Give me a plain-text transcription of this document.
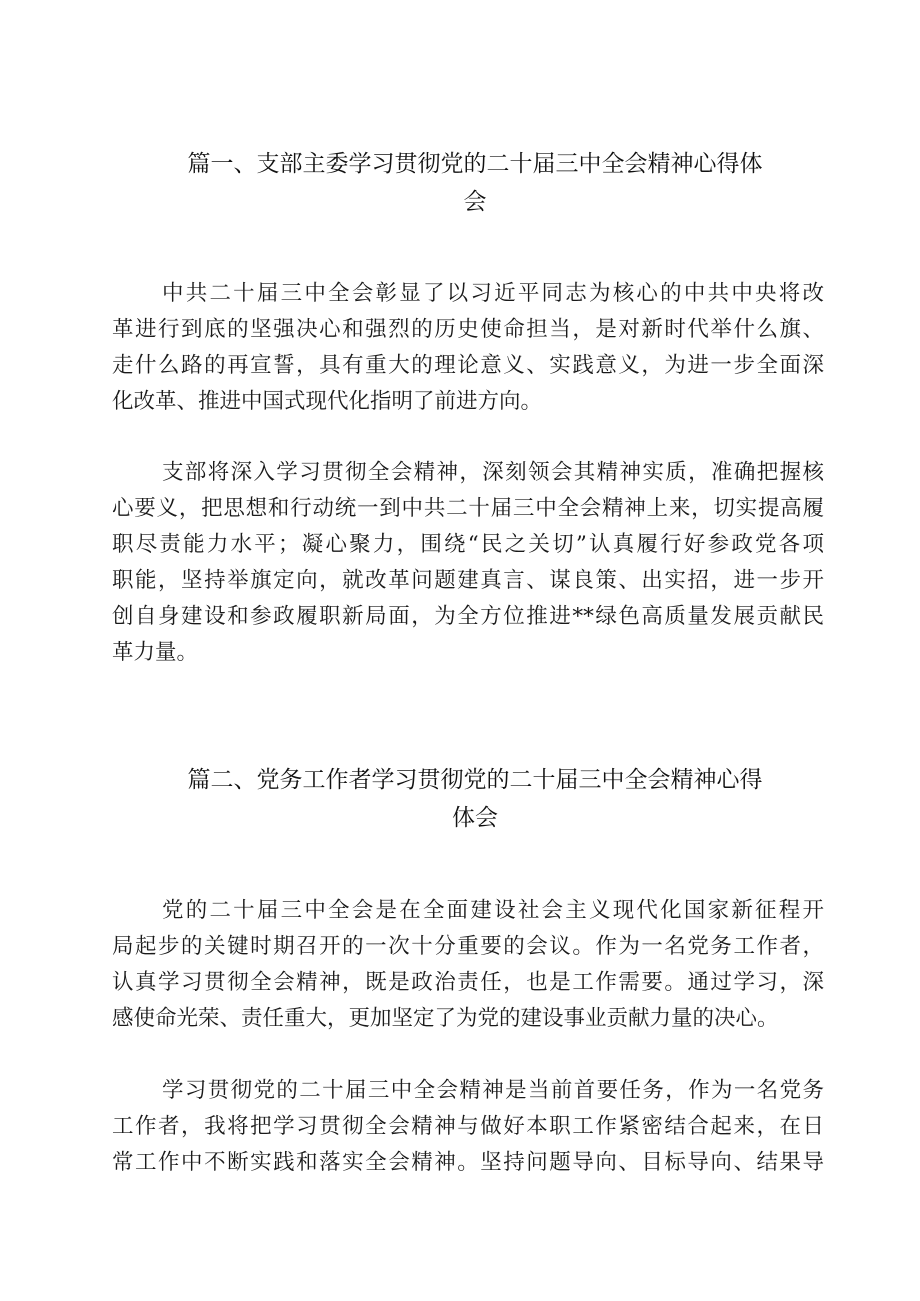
篇一、支部主委学习贯彻党的二十届三中全会精神心得体
会
中共二十届三中全会彰显了以习近平同志为核心的中共中央将改
革进行到底的坚强决心和强烈的历史使命担当，是对新时代举什么旗、
走什么路的再宣誓，具有重大的理论意义、实践意义，为进一步全面深
化改革、推进中国式现代化指明了前进方向。
支部将深入学习贯彻全会精神，深刻领会其精神实质，准确把握核
心要义，把思想和行动统一到中共二十届三中全会精神上来，切实提高履
职尽责能力水平；凝心聚力，围绕“民之关切”认真履行好参政党各项
职能，坚持举旗定向，就改革问题建真言、谋良策、出实招，进一步开
创自身建设和参政履职新局面，为全方位推进**绿色高质量发展贡献民
革力量。
篇二、党务工作者学习贯彻党的二十届三中全会精神心得
体会
党的二十届三中全会是在全面建设社会主义现代化国家新征程开
局起步的关键时期召开的一次十分重要的会议。作为一名党务工作者，
认真学习贯彻全会精神，既是政治责任，也是工作需要。通过学习，深
感使命光荣、责任重大，更加坚定了为党的建设事业贡献力量的决心。
学习贯彻党的二十届三中全会精神是当前首要任务，作为一名党务
工作者，我将把学习贯彻全会精神与做好本职工作紧密结合起来，在日
常工作中不断实践和落实全会精神。坚持问题导向、目标导向、结果导
